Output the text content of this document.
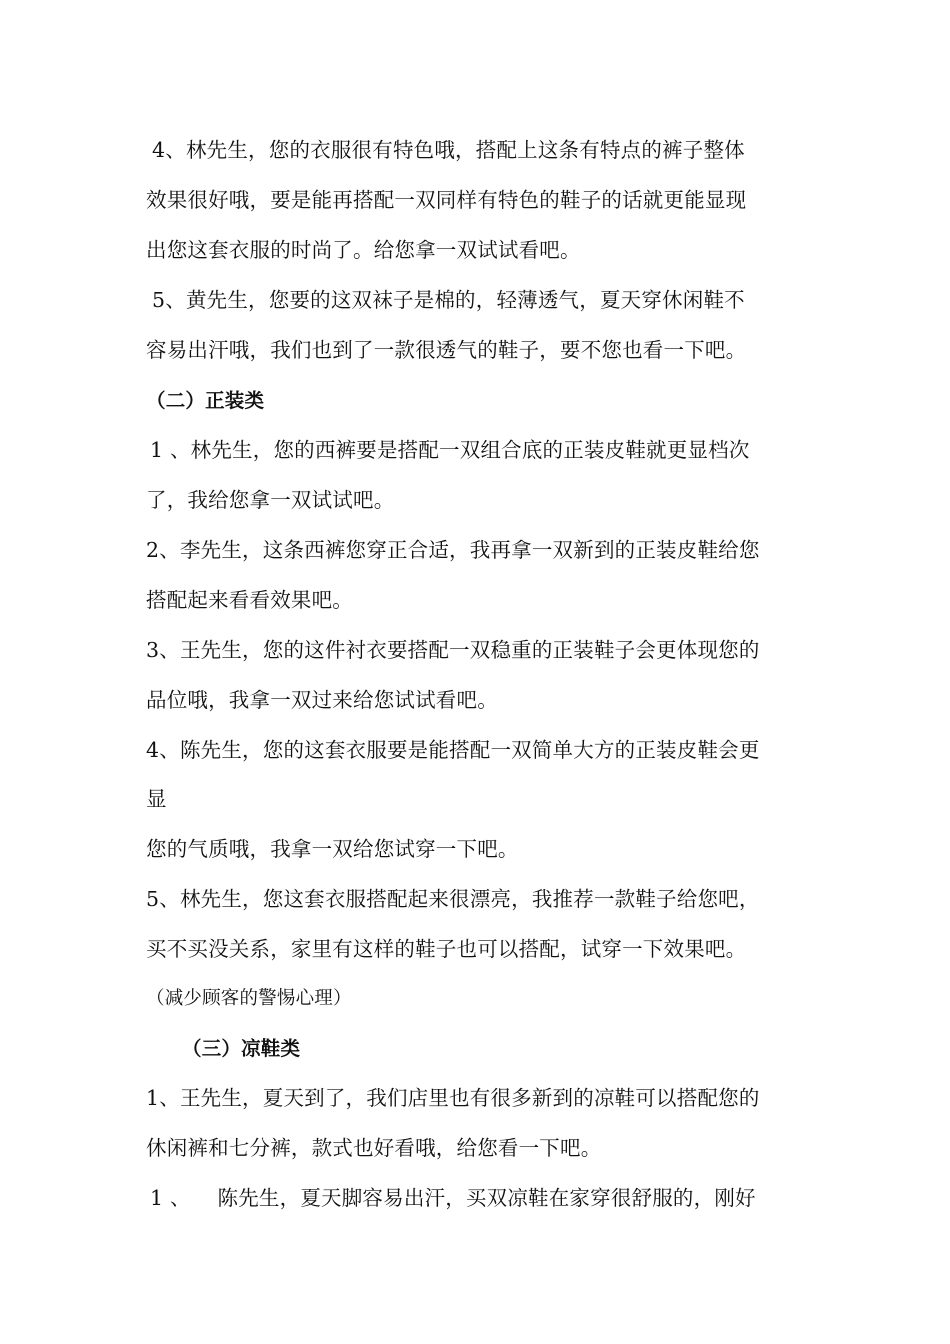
4、林先生，您的衣服很有特色哦，搭配上这条有特点的裤子整体
效果很好哦，要是能再搭配一双同样有特色的鞋子的话就更能显现
出您这套衣服的时尚了。给您拿一双试试看吧。
5、黄先生，您要的这双袜子是棉的，轻薄透气，夏天穿休闲鞋不
容易出汗哦，我们也到了一款很透气的鞋子，要不您也看一下吧。
（二）正装类
1 、林先生，您的西裤要是搭配一双组合底的正装皮鞋就更显档次
了，我给您拿一双试试吧。
2、李先生，这条西裤您穿正合适，我再拿一双新到的正装皮鞋给您
搭配起来看看效果吧。
3、王先生，您的这件衬衣要搭配一双稳重的正装鞋子会更体现您的
品位哦，我拿一双过来给您试试看吧。
4、陈先生，您的这套衣服要是能搭配一双简单大方的正装皮鞋会更
显
您的气质哦，我拿一双给您试穿一下吧。
5、林先生，您这套衣服搭配起来很漂亮，我推荐一款鞋子给您吧，
买不买没关系，家里有这样的鞋子也可以搭配，试穿一下效果吧。
（减少顾客的警惕心理）
（三）凉鞋类
1、王先生，夏天到了，我们店里也有很多新到的凉鞋可以搭配您的
休闲裤和七分裤，款式也好看哦，给您看一下吧。
1 、    陈先生，夏天脚容易出汗，买双凉鞋在家穿很舒服的，刚好
